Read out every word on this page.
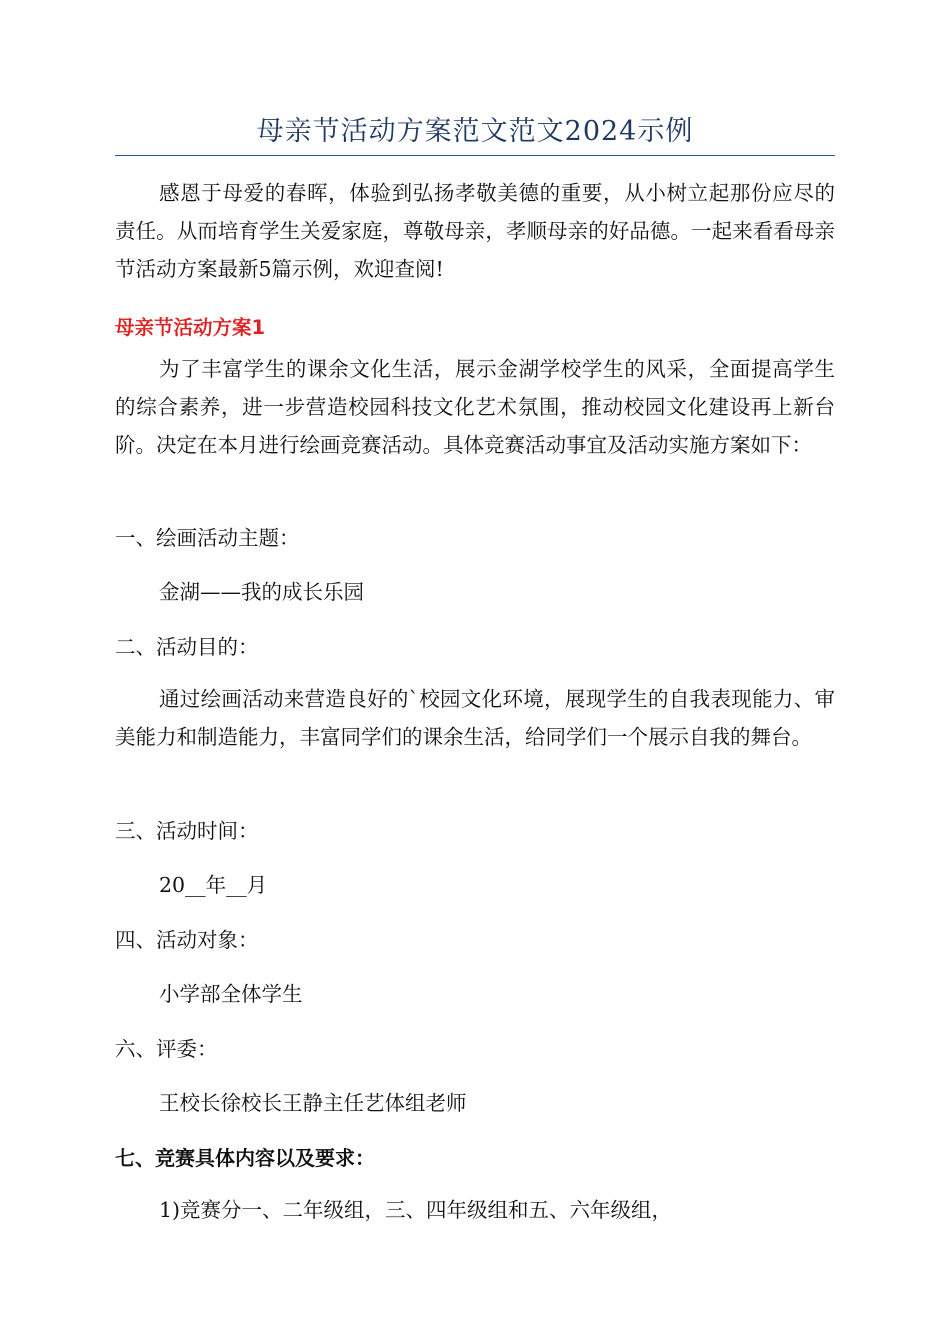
母亲节活动方案范文范文2024示例

感恩于母爱的春晖，体验到弘扬孝敬美德的重要，从小树立起那份应尽的责任。从而培育学生关爱家庭，尊敬母亲，孝顺母亲的好品德。一起来看看母亲节活动方案最新5篇示例，欢迎查阅!

母亲节活动方案1

为了丰富学生的课余文化生活，展示金湖学校学生的风采，全面提高学生的综合素养，进一步营造校园科技文化艺术氛围，推动校园文化建设再上新台阶。决定在本月进行绘画竞赛活动。具体竞赛活动事宜及活动实施方案如下：

一、绘画活动主题：

金湖——我的成长乐园

二、活动目的：

通过绘画活动来营造良好的`校园文化环境，展现学生的自我表现能力、审美能力和制造能力，丰富同学们的课余生活，给同学们一个展示自我的舞台。

三、活动时间：

20__年__月

四、活动对象：

小学部全体学生

六、评委：

王校长徐校长王静主任艺体组老师

七、竞赛具体内容以及要求：

1)竞赛分一、二年级组，三、四年级组和五、六年级组，
